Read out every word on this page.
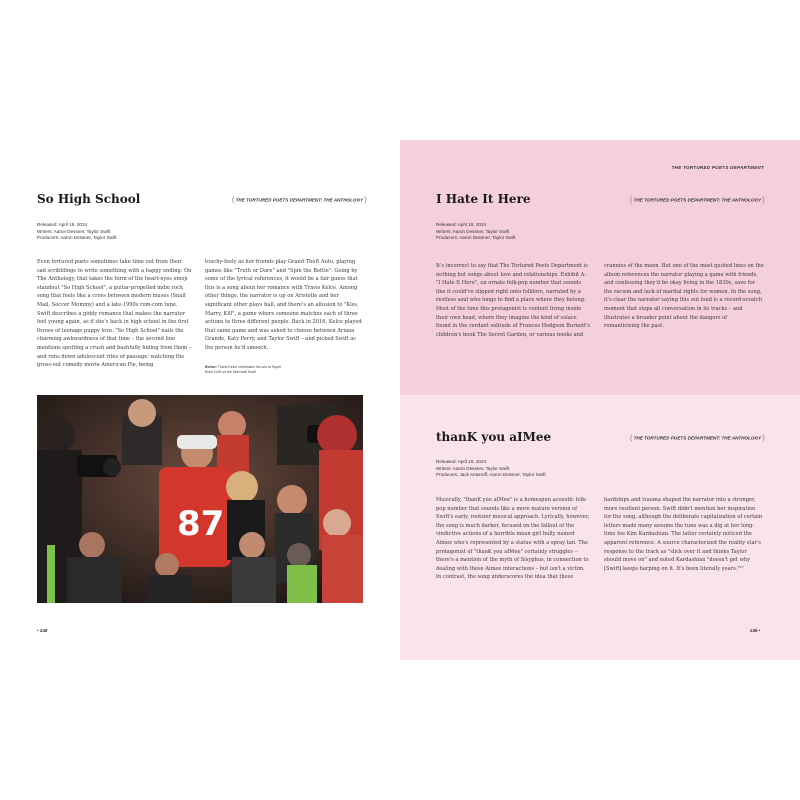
THE TORTURED POETS DEPARTMENT
So High School	( THE TORTURED POETS DEPARTMENT: THE ANTHOLOGY )
Released: April 19, 2024
Writers: Aaron Dessner, Taylor Swift
Producers: Aaron Dessner, Taylor Swift
Even tortured poets sometimes take time out from their sad scribblings to write something with a happy ending. On The Anthology, that takes the form of the heart-eyes emoji standout "So High School", a guitar-propelled indie rock song that feels like a cross between modern muses (Snail Mail, Soccer Mommy) and a late-1990s rom-com tune. Swift describes a giddy romance that makes the narrator feel young again, as if she's back in high school in the first throes of teenage puppy love. "So High School" nails the charming awkwardness of that time – the second line mentions spotting a crush and bashfully hiding from them – and runs down adolescent rites of passage: watching the gross-out comedy movie American Pie, being
touchy-feely as her friends play Grand Theft Auto, playing games like "Truth or Dare" and "Spin the Bottle". Going by some of the lyrical references, it would be a fair guess that this is a song about her romance with Travis Kelce. Among other things, the narrator is up on Aristotle and her significant other plays ball, and there's an allusion to "Kiss, Marry, Kill", a game where someone matches each of three actions to three different people. Back in 2016, Kelce played that same game and was asked to choose between Ariana Grande, Katy Perry, and Taylor Swift – and picked Swift as the person he'd smooch.
Below: Travis Kelce celebrates his win at Super Bowl LVIII on the field with Swift.
87
• 248
I Hate It Here	( THE TORTURED POETS DEPARTMENT: THE ANTHOLOGY )
Released: April 19, 2024
Writers: Aaron Dessner, Taylor Swift
Producers: Aaron Dessner, Taylor Swift
It's incorrect to say that The Tortured Poets Department is nothing but songs about love and relationships. Exhibit A: "I Hate It Here", an ornate folk-pop number that sounds like it could've slipped right onto folklore, narrated by a restless soul who longs to find a place where they belong. Most of the time this protagonist is content living inside their own head, where they imagine the kind of solace found in the verdant solitude of Frances Hodgson Burnett's children's book The Secret Garden, or various nooks and
crannies of the moon. But one of the most quoted lines on the album references the narrator playing a game with friends, and confessing they'd be okay living in the 1830s, save for the racism and lack of marital rights for women. In the song, it's clear the narrator saying this out loud is a record-scratch moment that stops all conversation in its tracks – and illustrates a broader point about the dangers of romanticizing the past.
thanK you aIMee	( THE TORTURED POETS DEPARTMENT: THE ANTHOLOGY )
Released: April 19, 2024
Writers: Aaron Dessner, Taylor Swift
Producers: Jack Antonoff, Aaron Dessner, Taylor Swift
Musically, "thanK you aIMee" is a homespun acoustic folk-pop number that sounds like a more mature version of Swift's early, rootsier musical approach. Lyrically, however, the song is much darker, focused on the fallout of the vindictive actions of a horrible mean girl bully named Aimee who's represented by a statue with a spray tan. The protagonist of "thanK you aIMee" certainly struggles – there's a mention of the myth of Sisyphus, in connection to dealing with these Aimee interactions – but isn't a victim. In contrast, the song underscores the idea that these
hardships and trauma shaped the narrator into a stronger, more resilient person. Swift didn't mention her inspiration for the song, although the deliberate capitalization of certain letters made many assume the tune was a dig at her long-time foe Kim Kardashian. The latter certainly noticed the apparent reference. A source characterized the reality star's response to the track as "slick over it and thinks Taylor should move on" and noted Kardashian "doesn't get why [Swift] keeps harping on it. It's been literally years."²⁷
249 •
